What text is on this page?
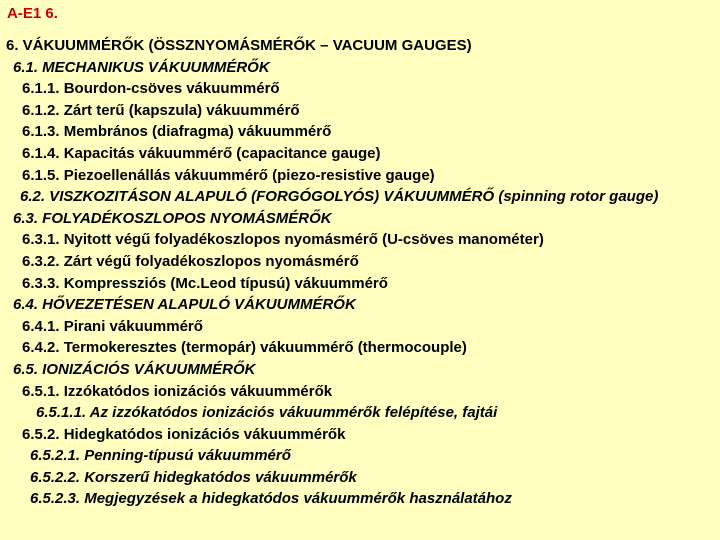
A-E1 6.
6. VÁKUUMMÉRŐK (ÖSSZNYOMÁSMÉRŐK – VACUUM GAUGES)
6.1. MECHANIKUS VÁKUUMMÉRŐK
6.1.1. Bourdon-csöves vákuummérő
6.1.2. Zárt terű (kapszula) vákuummérő
6.1.3. Membrános (diafragma) vákuummérő
6.1.4. Kapacitás vákuummérő (capacitance gauge)
6.1.5. Piezoellenállás vákuummérő (piezo-resistive gauge)
6.2. VISZKOZITÁSON ALAPULÓ (FORGÓGOLYÓS) VÁKUUMMÉRŐ (spinning rotor gauge)
6.3. FOLYADÉKOSZLOPOS NYOMÁSMÉRŐK
6.3.1. Nyitott végű folyadékoszlopos nyomásmérő (U-csöves manométer)
6.3.2. Zárt végű folyadékoszlopos nyomásmérő
6.3.3. Kompressziós (Mc.Leod típusú) vákuummérő
6.4. HŐVEZETÉSEN ALAPULÓ VÁKUUMMÉRŐK
6.4.1. Pirani vákuummérő
6.4.2. Termokeresztes (termopár) vákuummérő (thermocouple)
6.5. IONIZÁCIÓS VÁKUUMMÉRŐK
6.5.1. Izzókatódos ionizációs vákuummérők
6.5.1.1. Az izzókatódos ionizációs vákuummérők felépítése, fajtái
6.5.2. Hidegkatódos ionizációs vákuummérők
6.5.2.1. Penning-típusú vákuummérő
6.5.2.2. Korszerű hidegkatódos vákuummérők
6.5.2.3. Megjegyzések a hidegkatódos vákuummérők használatához
